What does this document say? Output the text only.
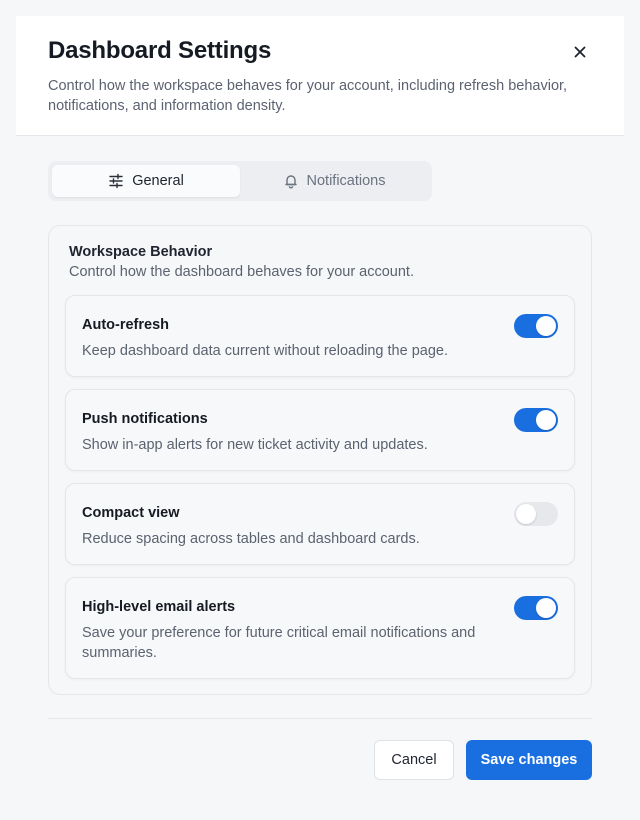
Dashboard Settings
Control how the workspace behaves for your account, including refresh behavior, notifications, and information density.
General	Notifications
Workspace Behavior
Control how the dashboard behaves for your account.
Auto-refresh
Keep dashboard data current without reloading the page.
Push notifications
Show in-app alerts for new ticket activity and updates.
Compact view
Reduce spacing across tables and dashboard cards.
High-level email alerts
Save your preference for future critical email notifications and summaries.
Cancel	Save changes
